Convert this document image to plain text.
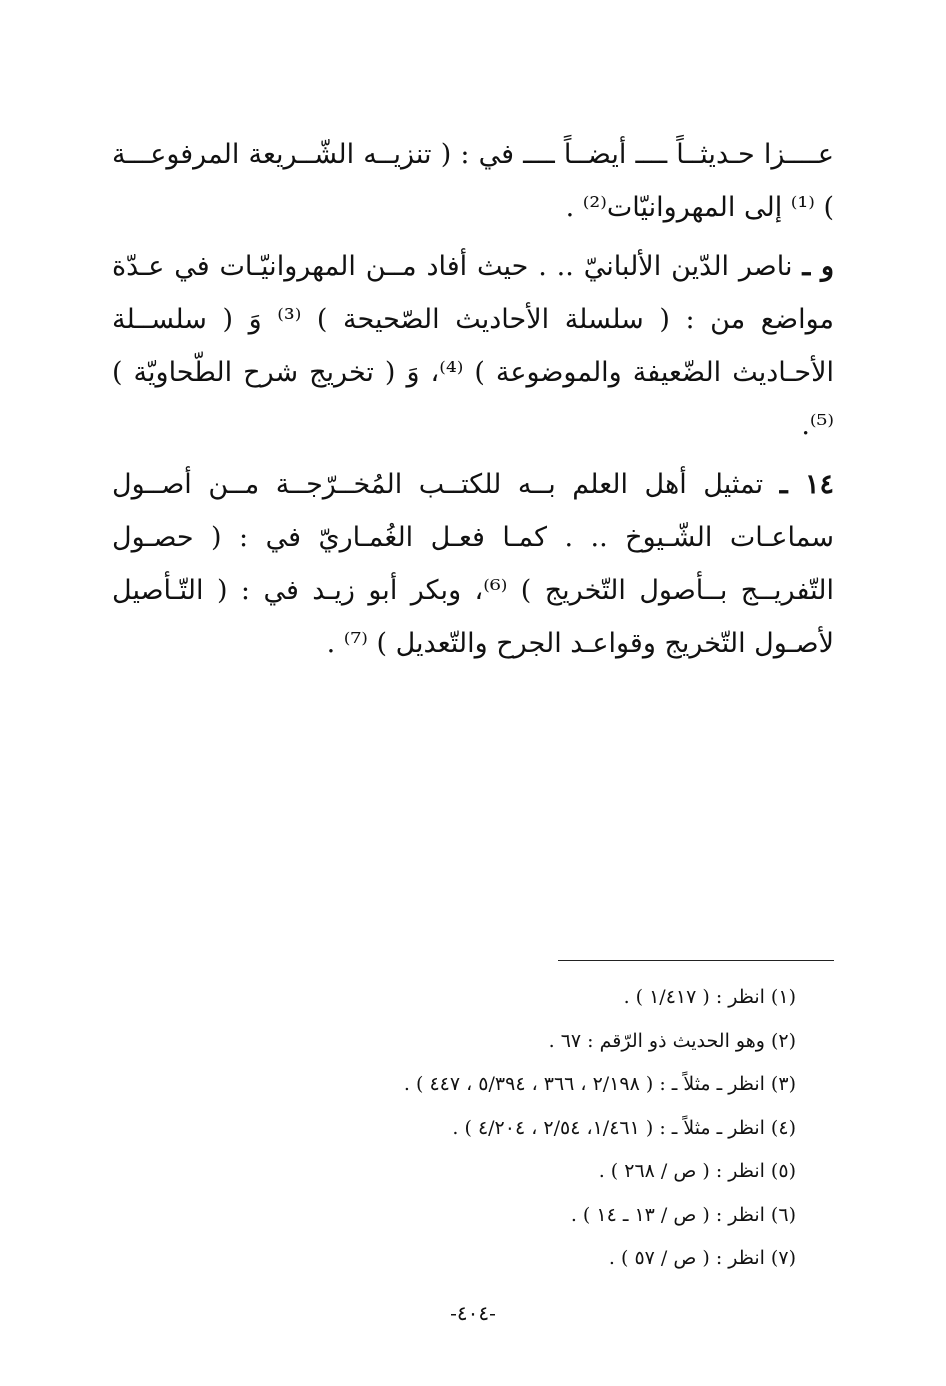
عــــزا حـديثــاً ــــ أيضــاً ــــ في : ( تنزيــه الشّــريعة المرفوعـــة ) ⁽¹⁾ إلى المهروانيّات⁽²⁾ .

و ـ ناصر الدّين الألبانيّ .. . حيث أفاد مــن المهروانيّـات في عـدّة مواضع من : ( سلسلة الأحاديث الصّحيحة ) ⁽³⁾ وَ ( سلســلة الأحـاديث الضّعيفة والموضوعة ) ⁽⁴⁾، وَ ( تخريج شرح الطّحاويّة )⁽⁵⁾.

١٤ ـ تمثيل أهل العلم بــه للكتــب المُخــرّجــة مــن أصــول سماعـات الشّـيوخ .. . كمـا فعـل الغُمـاريّ في : ( حصـول التّفريــج بــأصول التّخريج ) ⁽⁶⁾، وبكر أبو زيـد في : ( التّـأصيل لأصـول التّخريج وقواعـد الجرح والتّعديل ) ⁽⁷⁾ .

(١) انظر : ( ١/٤١٧ ) .
(٢) وهو الحديث ذو الرّقم : ٦٧ .
(٣) انظر ـ مثلاً ـ : ( ٢/١٩٨ ، ٣٦٦ ، ٥/٣٩٤ ، ٤٤٧ ) .
(٤) انظر ـ مثلاً ـ : ( ١/٤٦١، ٢/٥٤ ، ٤/٢٠٤ ) .
(٥) انظر : ( ص / ٢٦٨ ) .
(٦) انظر : ( ص / ١٣ ـ ١٤ ) .
(٧) انظر : ( ص / ٥٧ ) .
-٤٠٤-
